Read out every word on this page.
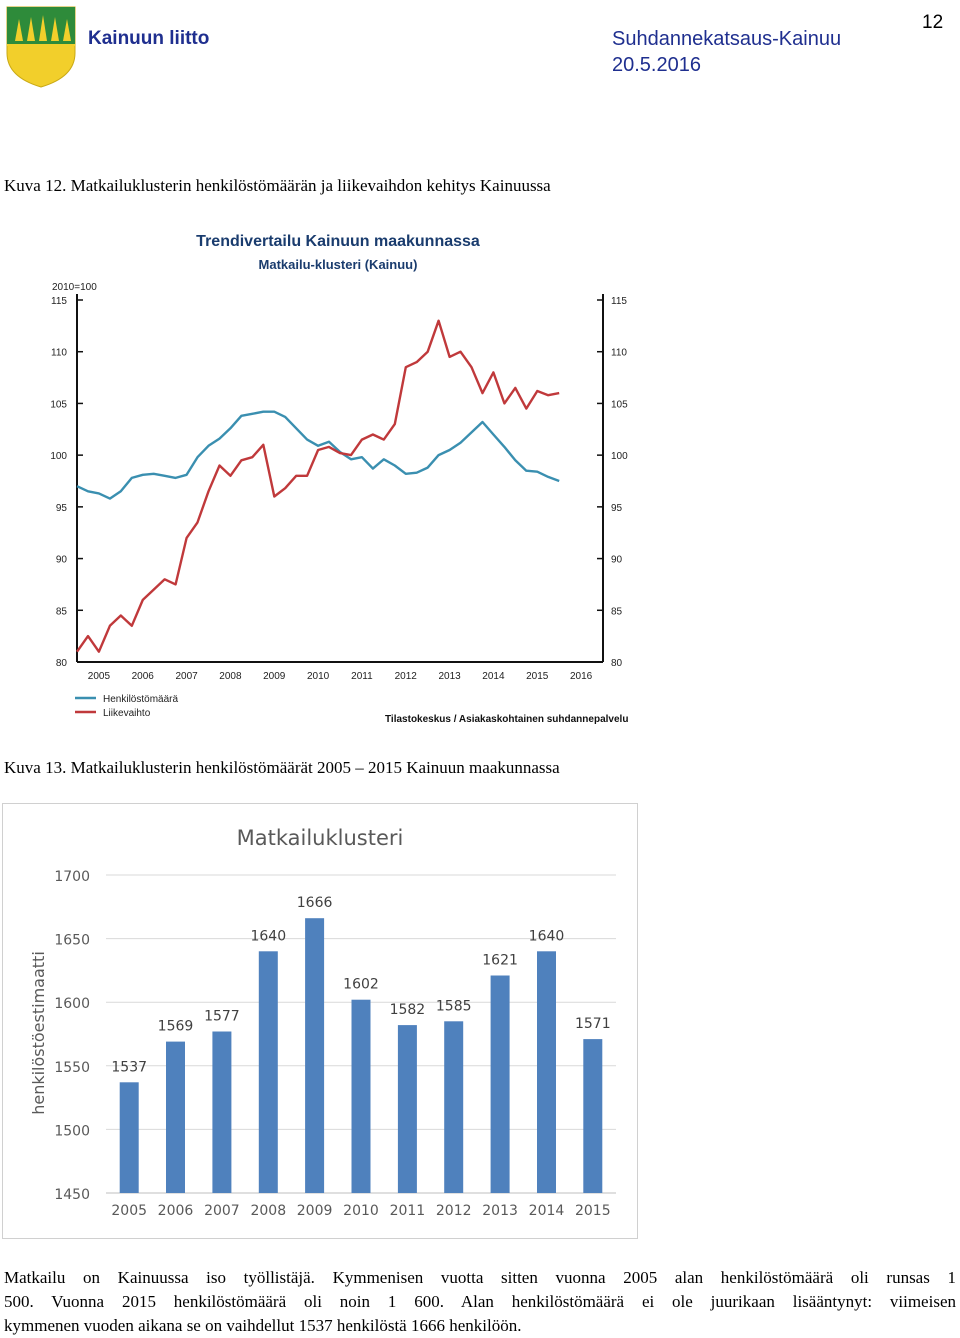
Kainuun liitto	Suhdannekatsaus-Kainuu
20.5.2016
12
Kuva 12. Matkailuklusterin henkilöstömäärän ja liikevaihdon kehitys Kainuussa
Trendivertailu Kainuun maakunnassa
Matkailu-klusteri (Kainuu)
2010=100
80	80
85	85
90	90
95	95
100	100
105	105
110	110
115	115
2005 2006 2007 2008 2009 2010 2011 2012 2013 2014 2015 2016
Henkilöstömäärä
Liikevaihto
Tilastokeskus / Asiakaskohtainen suhdannepalvelu
Kuva 13. Matkailuklusterin henkilöstömäärät 2005 – 2015 Kainuun maakunnassa
Matkailuklusteri
henkilöstöestimaatti
1450
1500
1550
1600
1650
1700
1537
1569
1577
1640
1666
1602
1582 1585
1621
1640
1571
2005 2006 2007 2008 2009 2010 2011 2012 2013 2014 2015
Matkailu on Kainuussa iso työllistäjä. Kymmenisen vuotta sitten vuonna 2005 alan henkilöstömäärä oli runsas 1
500. Vuonna 2015 henkilöstömäärä oli noin 1 600. Alan henkilöstömäärä ei ole juurikaan lisääntynyt: viimeisen
kymmenen vuoden aikana se on vaihdellut 1537 henkilöstä 1666 henkilöön.
